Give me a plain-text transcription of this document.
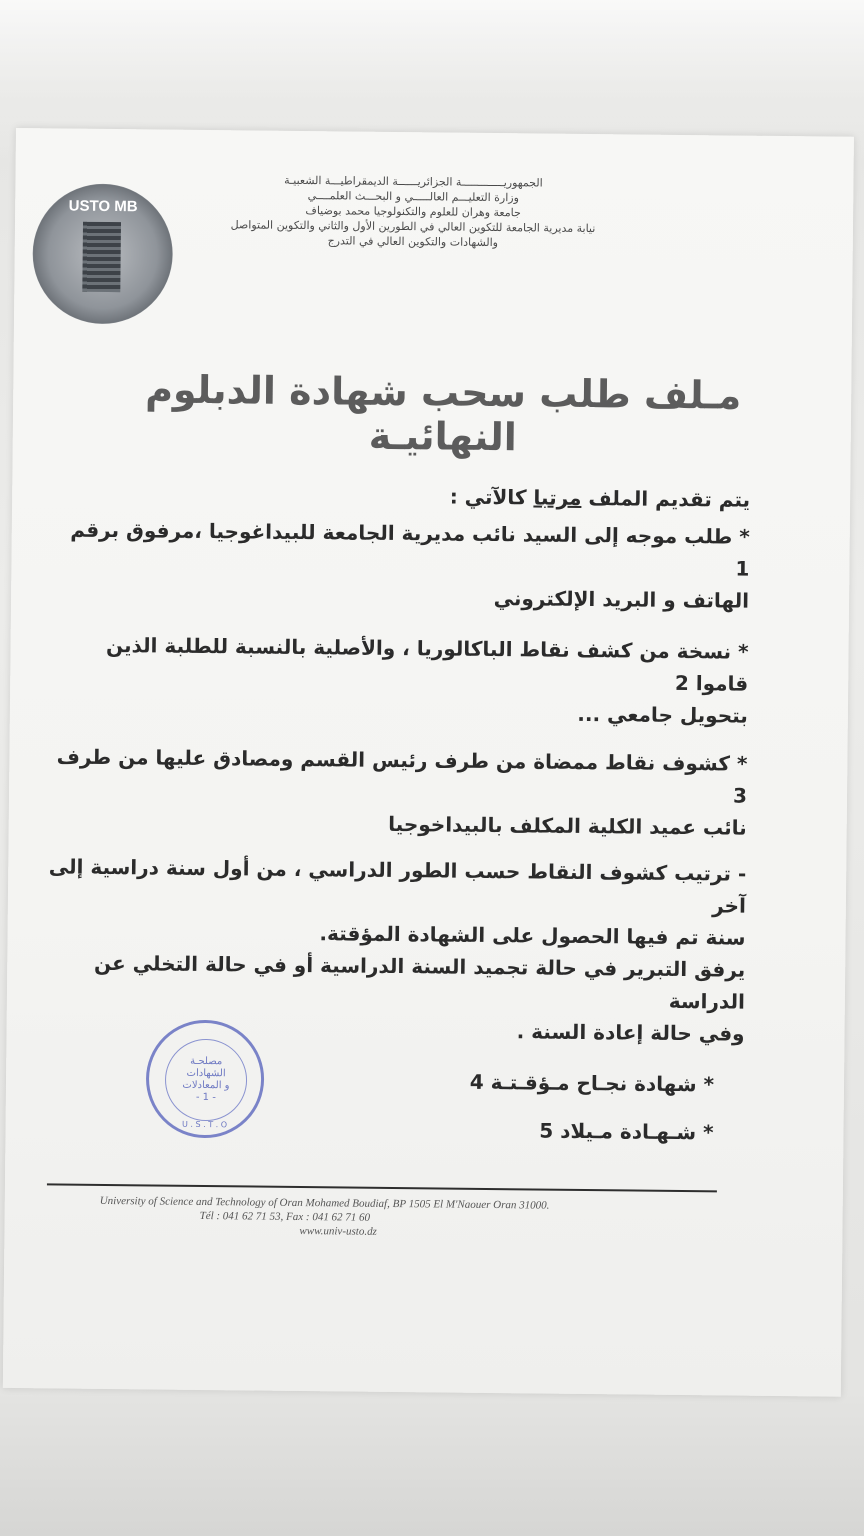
USTO MB
الجمهوريـــــــــــــة الجزائريــــــة الديمقراطيـــة الشعبيـة
وزارة التعليـــم العالـــــي و البحـــث العلمــــي
جامعة وهران للعلوم والتكنولوجيا محمد بوضياف
نيابة مديرية الجامعة للتكوين العالي في الطورين الأول والثاني والتكوين المتواصل
والشهادات والتكوين العالي في التدرج
مـلف طلب سحب شهادة الدبلوم النهائيـة
يتم تقديم الملف مرتبا كالآتي :
* طلب موجه إلى السيد نائب مديرية الجامعة للبيداغوجيا ،مرفوق برقم 1
الهاتف و البريد الإلكتروني
* نسخة من كشف نقاط الباكالوريا ، والأصلية بالنسبة للطلبة الذين قاموا 2
بتحويل جامعي ...
* كشوف نقاط ممضاة من طرف رئيس القسم ومصادق عليها من طرف 3
نائب عميد الكلية المكلف بالبيداخوجيا
- ترتيب كشوف النقاط حسب الطور الدراسي ، من أول سنة دراسية إلى آخر
سنة تم فيها الحصول على الشهادة المؤقتة.
يرفق التبرير في حالة تجميد السنة الدراسية أو في حالة التخلي عن الدراسة
وفي حالة إعادة السنة .
* شهادة نجـاح مـؤقـتـة 4
* شـهـادة مـيلاد 5
مصلحـة
الشهادات
و المعادلات
- 1 -
U . S . T . O
University of Science and Technology of Oran Mohamed Boudiaf, BP 1505 El M'Naouer Oran 31000.
Tél : 041 62 71 53, Fax : 041 62 71 60
www.univ-usto.dz
